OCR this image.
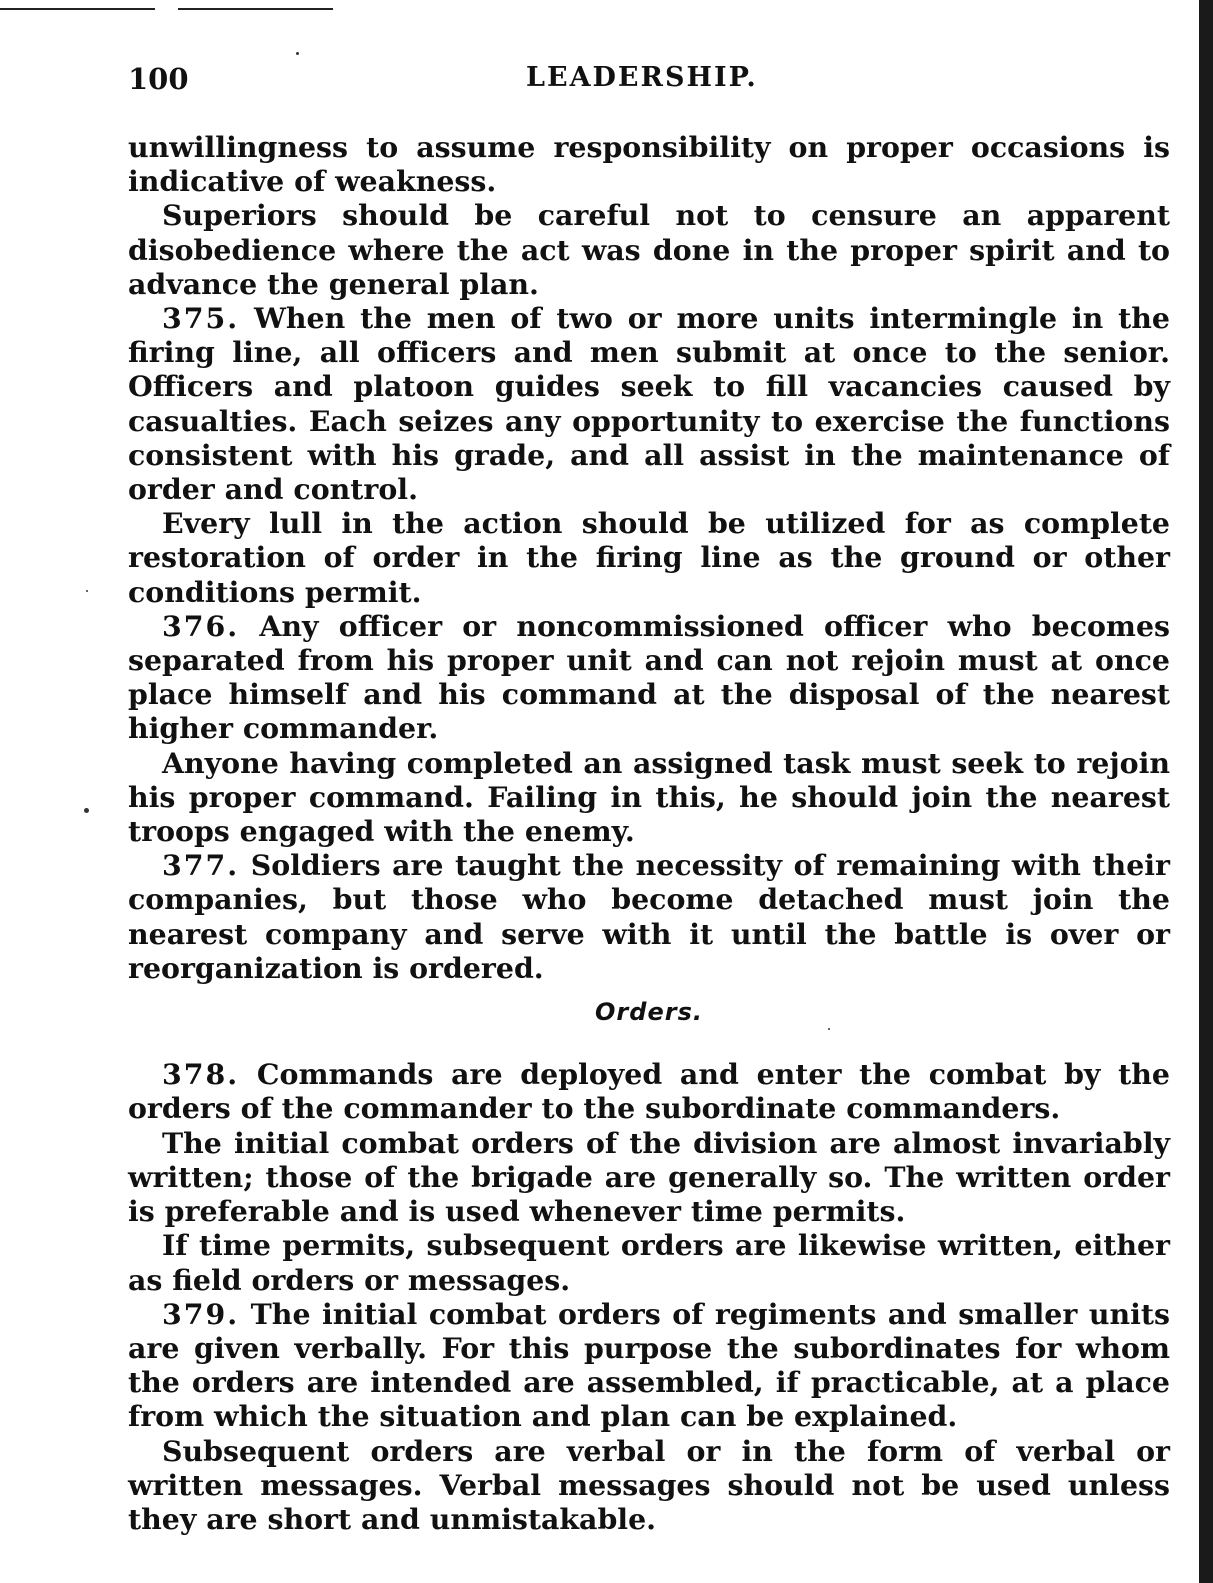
100	LEADERSHIP.

unwillingness to assume responsibility on proper occasions is indicative of weakness.

Superiors should be careful not to censure an apparent disobedience where the act was done in the proper spirit and to advance the general plan.

375. When the men of two or more units intermingle in the firing line, all officers and men submit at once to the senior. Officers and platoon guides seek to fill vacancies caused by casualties. Each seizes any opportunity to exercise the functions consistent with his grade, and all assist in the maintenance of order and control.

Every lull in the action should be utilized for as complete restoration of order in the firing line as the ground or other conditions permit.

376. Any officer or noncommissioned officer who becomes separated from his proper unit and can not rejoin must at once place himself and his command at the disposal of the nearest higher commander.

Anyone having completed an assigned task must seek to rejoin his proper command. Failing in this, he should join the nearest troops engaged with the enemy.

377. Soldiers are taught the necessity of remaining with their companies, but those who become detached must join the nearest company and serve with it until the battle is over or reorganization is ordered.

Orders.

378. Commands are deployed and enter the combat by the orders of the commander to the subordinate commanders.

The initial combat orders of the division are almost invariably written; those of the brigade are generally so. The written order is preferable and is used whenever time permits.

If time permits, subsequent orders are likewise written, either as field orders or messages.

379. The initial combat orders of regiments and smaller units are given verbally. For this purpose the subordinates for whom the orders are intended are assembled, if practicable, at a place from which the situation and plan can be explained.

Subsequent orders are verbal or in the form of verbal or written messages. Verbal messages should not be used unless they are short and unmistakable.
